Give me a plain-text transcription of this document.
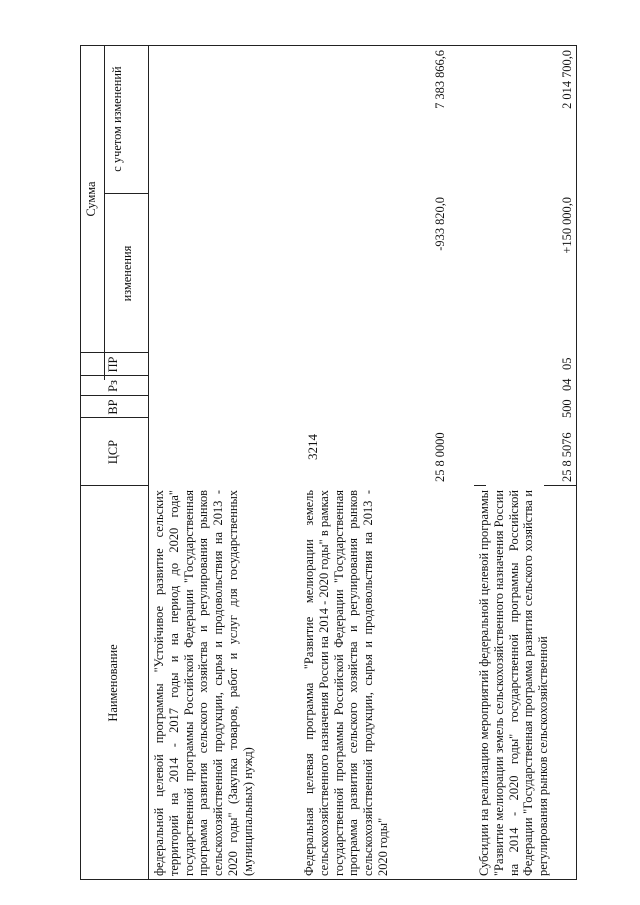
3214
Наименование
ЦСР
ВР
Рз
ПР
Сумма
изменения
с учетом изменений
федеральной целевой программы "Устойчивое развитие сельских территорий на 2014 - 2017 годы и на период до 2020 года" государственной программы Российской Федерации "Государственная программа развития сельского хозяйства и регулирования рынков сельскохозяйственной продукции, сырья и продовольствия на 2013 - 2020 годы" (Закупка товаров, работ и услуг для государственных (муниципальных) нужд)	Федеральная целевая программа "Развитие мелиорации земель сельскохозяйственного назначения России на 2014 - 2020 годы" в рамках государственной программы Российской Федерации "Государственная программа развития сельского хозяйства и регулирования рынков сельскохозяйственной продукции, сырья и продовольствия на 2013 - 2020 годы"
25 8 0000
-933 820,0
7 383 866,6
Субсидии на реализацию мероприятий федеральной целевой программы "Развитие мелиорации земель сельскохозяйственного назначения России на 2014 - 2020 годы" государственной программы Российской Федерации "Государственная программа развития сельского хозяйства и регулирования рынков сельскохозяйственной
25 8 5076
500
04
05
+150 000,0
2 014 700,0
